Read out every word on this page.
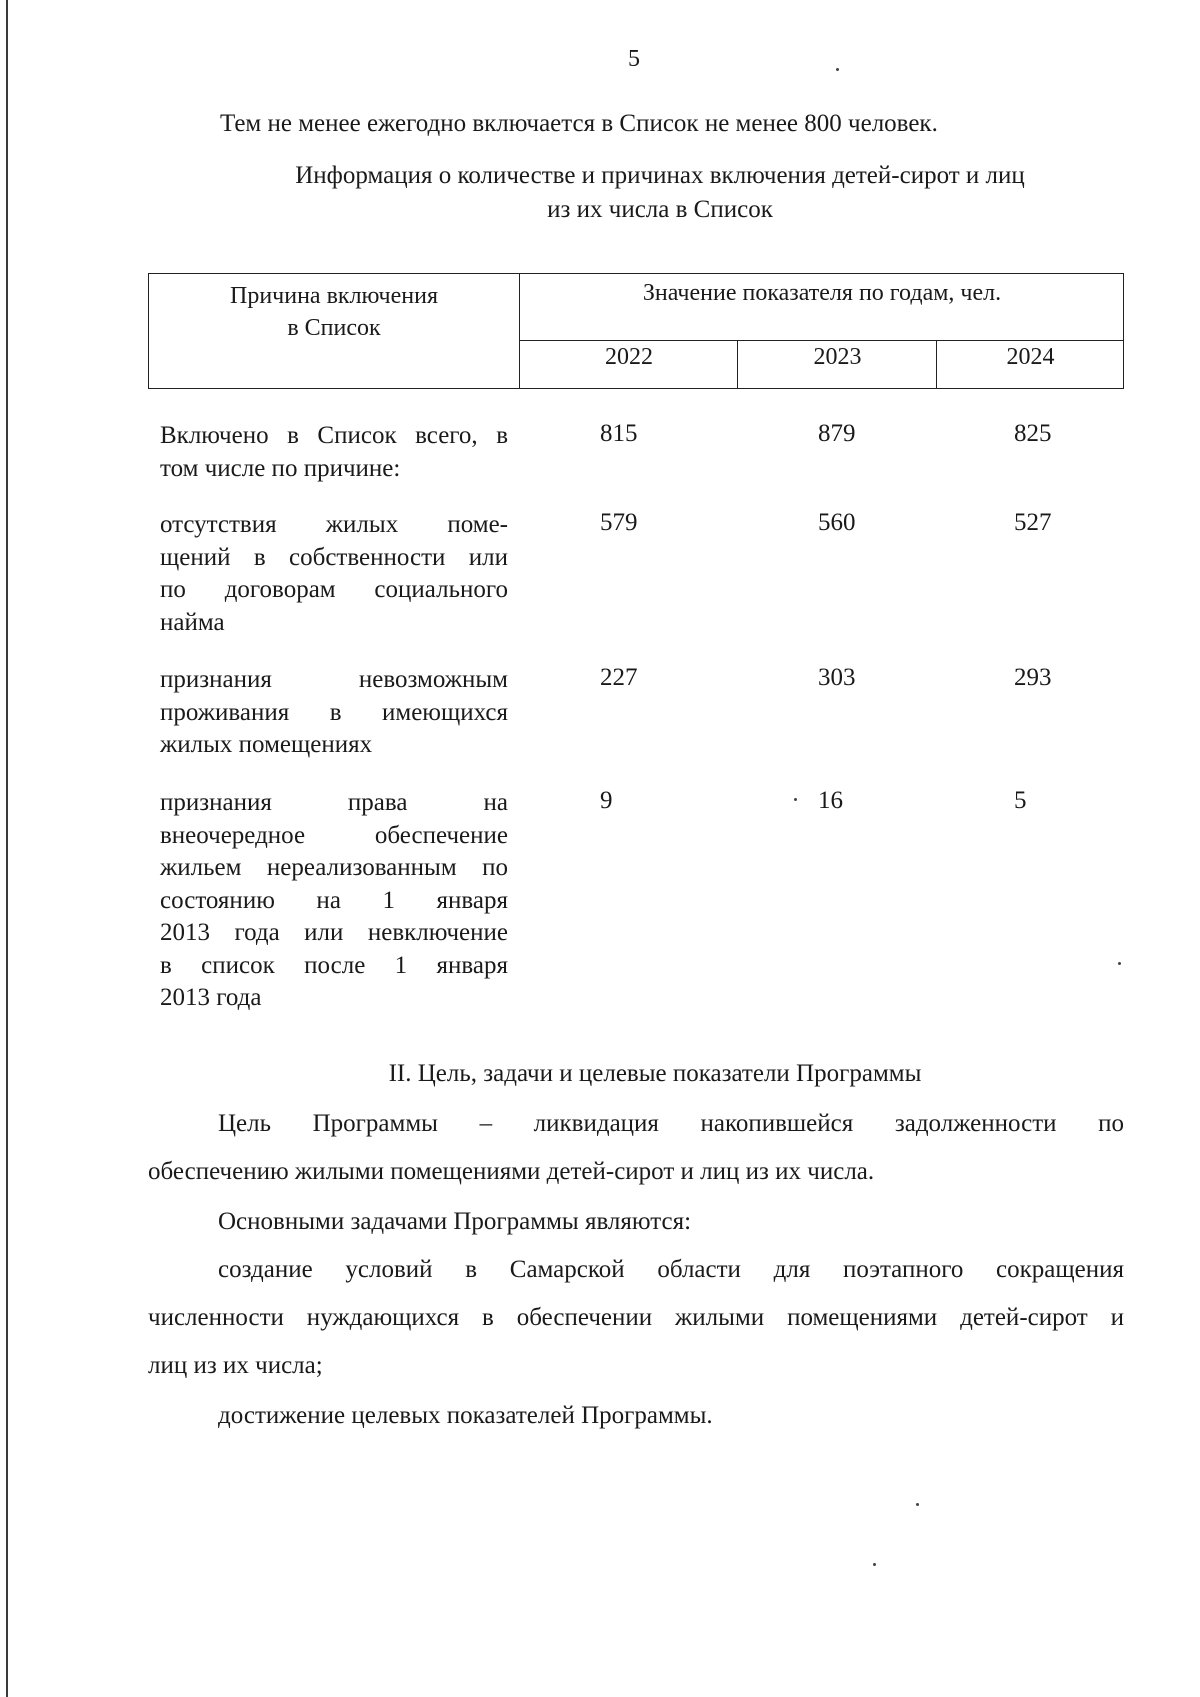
5
Тем не менее ежегодно включается в Список не менее 800 человек.
Информация о количестве и причинах включения детей-сирот и лиц
из их числа в Список
Причина включения
в Список
Значение показателя по годам, чел.
2022	2023	2024
Включено в Список всего, в
том числе по причине:
815	879	825
отсутствия жилых поме-
щений в собственности или
по договорам социального
найма
579	560	527
признания невозможным
проживания в имеющихся
жилых помещениях
227	303	293
признания права на
внеочередное обеспечение
жильем нереализованным по
состоянию на 1 января
2013 года или невключение
в список после 1 января
2013 года
9	16	5
II. Цель, задачи и целевые показатели Программы
Цель Программы – ликвидация накопившейся задолженности по
обеспечению жилыми помещениями детей-сирот и лиц из их числа.
Основными задачами Программы являются:
создание условий в Самарской области для поэтапного сокращения
численности нуждающихся в обеспечении жилыми помещениями детей-сирот и
лиц из их числа;
достижение целевых показателей Программы.
